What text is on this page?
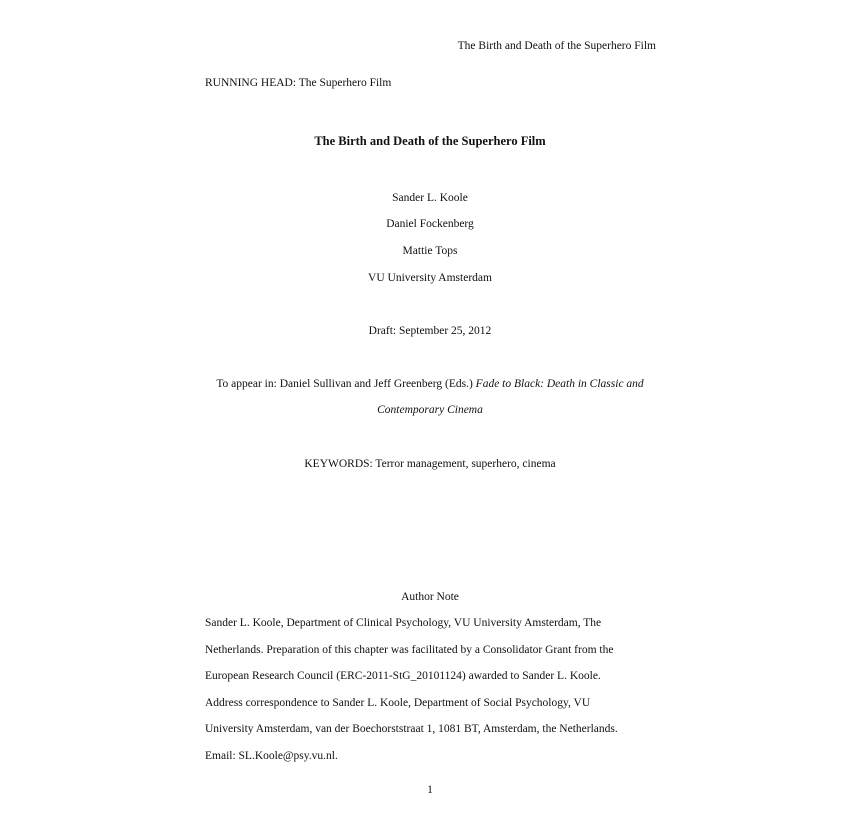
The Birth and Death of the Superhero Film
RUNNING HEAD: The Superhero Film
The Birth and Death of the Superhero Film
Sander L. Koole
Daniel Fockenberg
Mattie Tops
VU University Amsterdam
Draft: September 25, 2012
To appear in: Daniel Sullivan and Jeff Greenberg (Eds.) Fade to Black: Death in Classic and
Contemporary Cinema
KEYWORDS: Terror management, superhero, cinema
Author Note
Sander L. Koole, Department of Clinical Psychology, VU University Amsterdam, The
Netherlands. Preparation of this chapter was facilitated by a Consolidator Grant from the
European Research Council (ERC-2011-StG_20101124) awarded to Sander L. Koole.
Address correspondence to Sander L. Koole, Department of Social Psychology, VU
University Amsterdam, van der Boechorststraat 1, 1081 BT, Amsterdam, the Netherlands.
Email: SL.Koole@psy.vu.nl.
1
